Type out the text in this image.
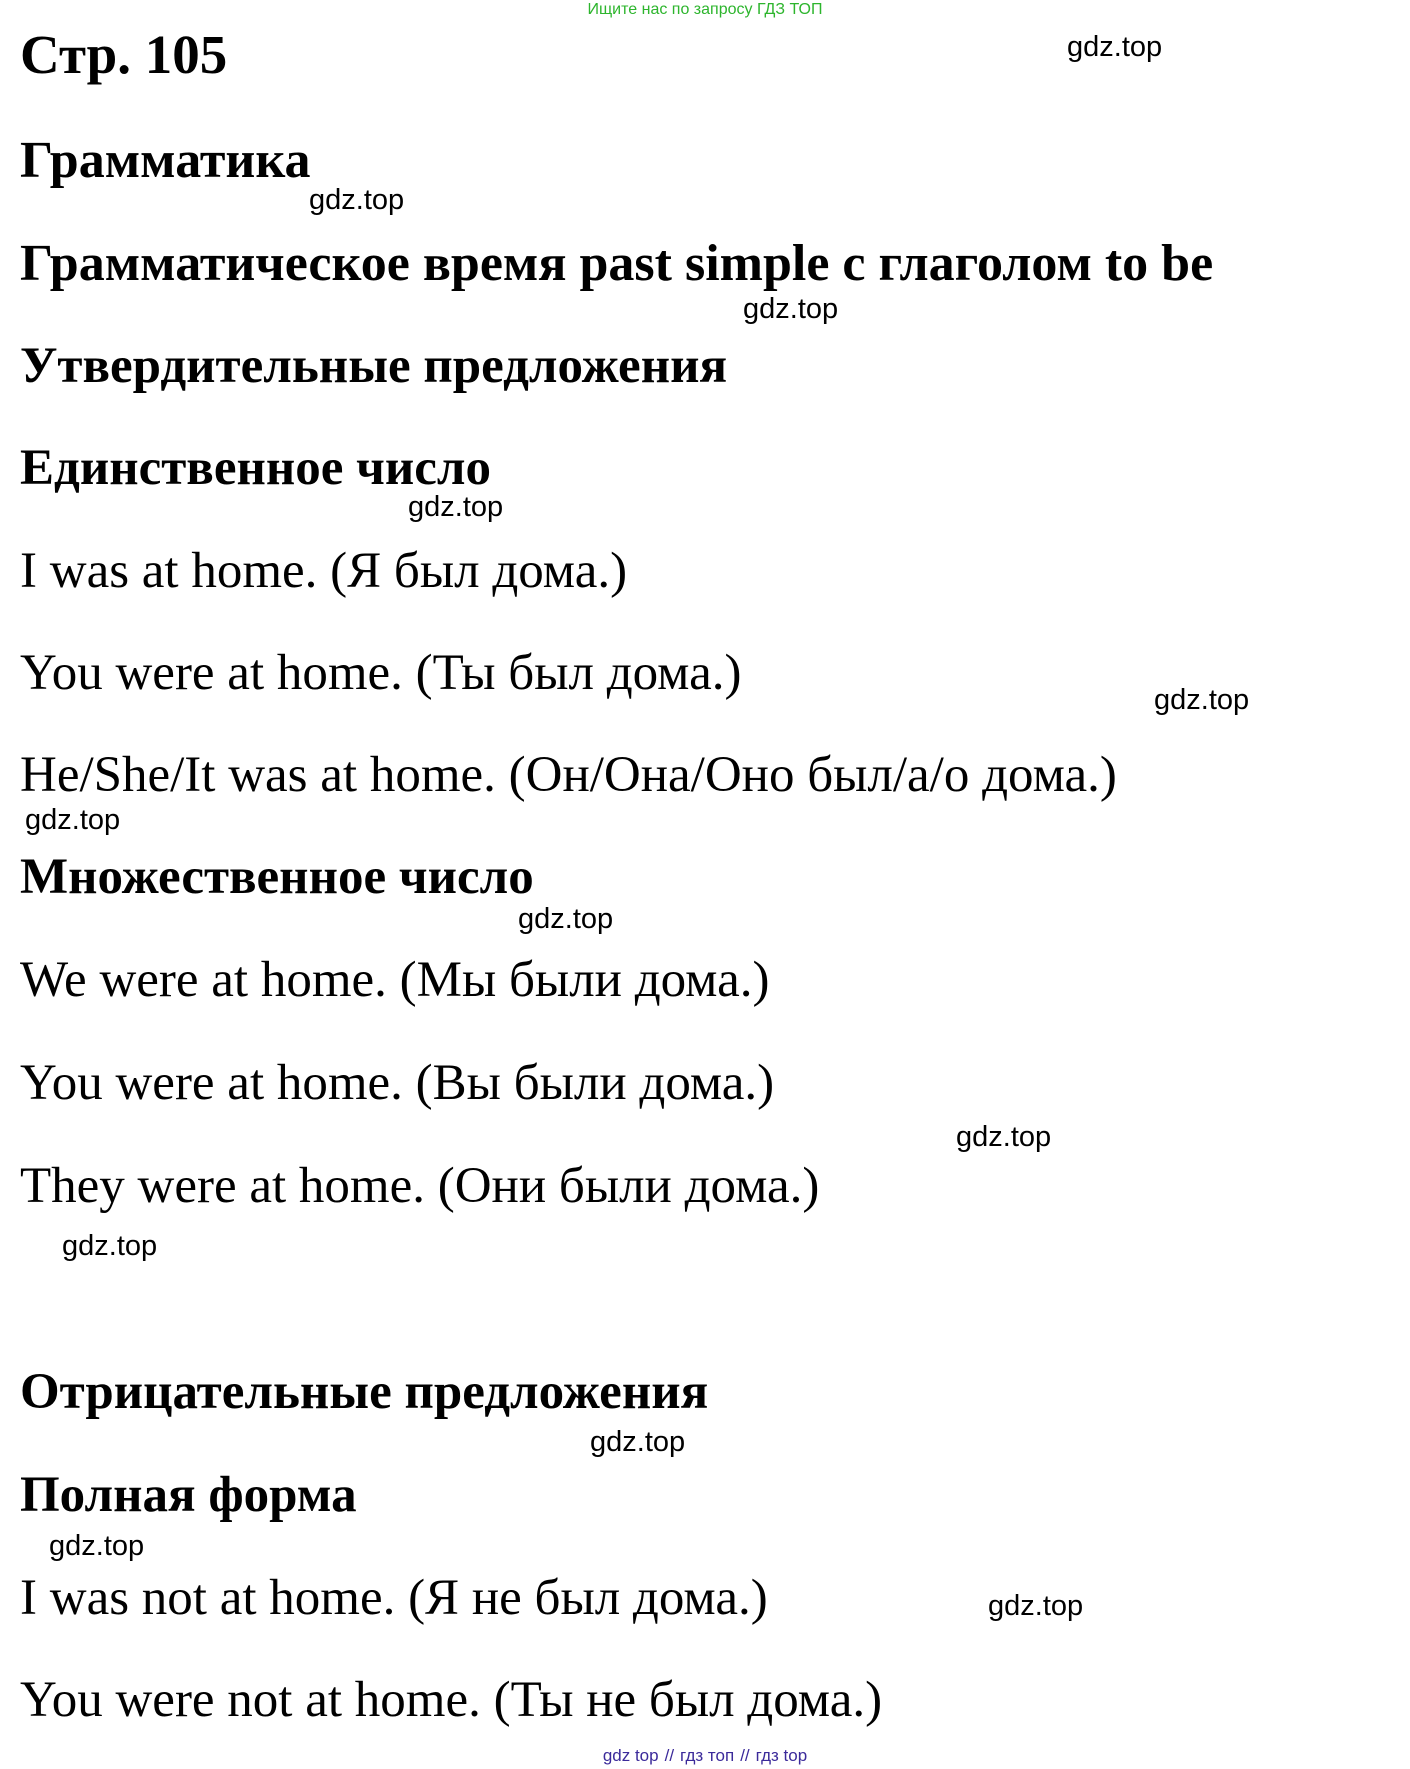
Ищите нас по запросу ГДЗ ТОП
Стр. 105	gdz.top
Грамматика
gdz.top
Грамматическое время past simple с глаголом to be
gdz.top
Утвердительные предложения
Единственное число
gdz.top
I was at home. (Я был дома.)
You were at home. (Ты был дома.)	gdz.top
He/She/It was at home. (Он/Она/Оно был/а/о дома.)
gdz.top
Множественное число
gdz.top
We were at home. (Мы были дома.)
You were at home. (Вы были дома.)
gdz.top
They were at home. (Они были дома.)
gdz.top
Отрицательные предложения
gdz.top
Полная форма
gdz.top
I was not at home. (Я не был дома.)	gdz.top
You were not at home. (Ты не был дома.)
gdz top // гдз топ // гдз top
